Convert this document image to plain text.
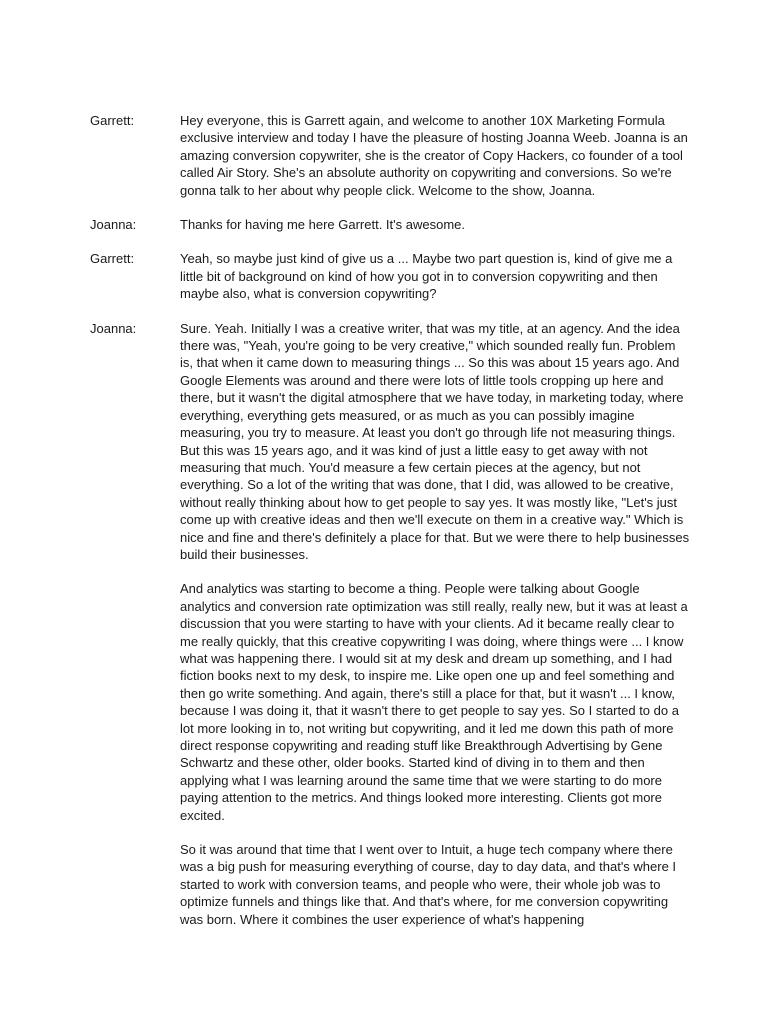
Garrett:	Hey everyone, this is Garrett again, and welcome to another 10X Marketing Formula exclusive interview and today I have the pleasure of hosting Joanna Weeb. Joanna is an amazing conversion copywriter, she is the creator of Copy Hackers, co founder of a tool called Air Story. She's an absolute authority on copywriting and conversions. So we're gonna talk to her about why people click. Welcome to the show, Joanna.

Joanna:	Thanks for having me here Garrett. It's awesome.

Garrett:	Yeah, so maybe just kind of give us a ... Maybe two part question is, kind of give me a little bit of background on kind of how you got in to conversion copywriting and then maybe also, what is conversion copywriting?

Joanna:	Sure. Yeah. Initially I was a creative writer, that was my title, at an agency. And the idea there was, "Yeah, you're going to be very creative," which sounded really fun. Problem is, that when it came down to measuring things ... So this was about 15 years ago. And Google Elements was around and there were lots of little tools cropping up here and there, but it wasn't the digital atmosphere that we have today, in marketing today, where everything, everything gets measured, or as much as you can possibly imagine measuring, you try to measure. At least you don't go through life not measuring things. But this was 15 years ago, and it was kind of just a little easy to get away with not measuring that much. You'd measure a few certain pieces at the agency, but not everything. So a lot of the writing that was done, that I did, was allowed to be creative, without really thinking about how to get people to say yes. It was mostly like, "Let's just come up with creative ideas and then we'll execute on them in a creative way." Which is nice and fine and there's definitely a place for that. But we were there to help businesses build their businesses.

And analytics was starting to become a thing. People were talking about Google analytics and conversion rate optimization was still really, really new, but it was at least a discussion that you were starting to have with your clients. Ad it became really clear to me really quickly, that this creative copywriting I was doing, where things were ... I know what was happening there. I would sit at my desk and dream up something, and I had fiction books next to my desk, to inspire me. Like open one up and feel something and then go write something. And again, there's still a place for that, but it wasn't ... I know, because I was doing it, that it wasn't there to get people to say yes. So I started to do a lot more looking in to, not writing but copywriting, and it led me down this path of more direct response copywriting and reading stuff like Breakthrough Advertising by Gene Schwartz and these other, older books. Started kind of diving in to them and then applying what I was learning around the same time that we were starting to do more paying attention to the metrics. And things looked more interesting. Clients got more excited.

So it was around that time that I went over to Intuit, a huge tech company where there was a big push for measuring everything of course, day to day data, and that's where I started to work with conversion teams, and people who were, their whole job was to optimize funnels and things like that. And that's where, for me conversion copywriting was born. Where it combines the user experience of what's happening
